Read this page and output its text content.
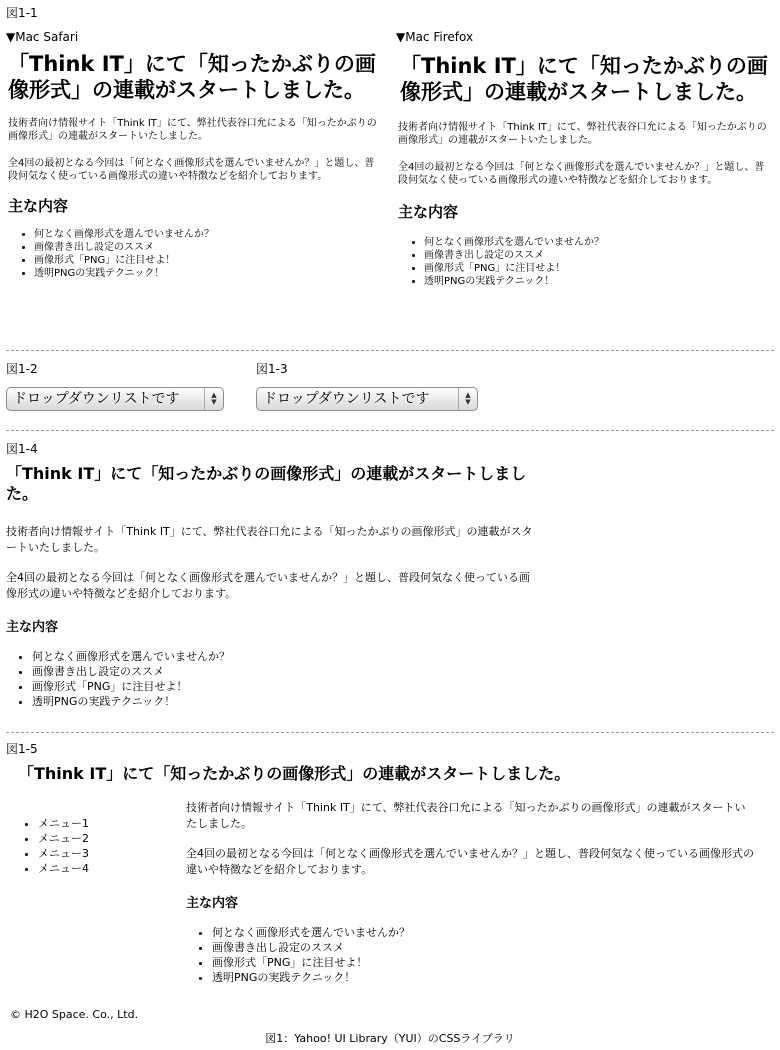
図1-1
▼Mac Safari
「Think IT」にて「知ったかぶりの画像形式」の連載がスタートしました。

技術者向け情報サイト「Think IT」にて、弊社代表谷口允による「知ったかぶりの画像形式」の連載がスタートいたしました。

全4回の最初となる今回は「何となく画像形式を選んでいませんか？」と題し、普段何気なく使っている画像形式の違いや特徴などを紹介しております。

主な内容
• 何となく画像形式を選んでいませんか？
• 画像書き出し設定のススメ
• 画像形式「PNG」に注目せよ！
• 透明PNGの実践テクニック！
▼Mac Firefox
「Think IT」にて「知ったかぶりの画像形式」の連載がスタートしました。

技術者向け情報サイト「Think IT」にて、弊社代表谷口允による「知ったかぶりの画像形式」の連載がスタートいたしました。

全4回の最初となる今回は「何となく画像形式を選んでいませんか？」と題し、普段何気なく使っている画像形式の違いや特徴などを紹介しております。

主な内容
• 何となく画像形式を選んでいませんか？
• 画像書き出し設定のススメ
• 画像形式「PNG」に注目せよ！
• 透明PNGの実践テクニック！
図1-2
ドロップダウンリストです	▲
▼
図1-3
ドロップダウンリストです	▲
▼
図1-4
「Think IT」にて「知ったかぶりの画像形式」の連載がスタートしました。

技術者向け情報サイト「Think IT」にて、弊社代表谷口允による「知ったかぶりの画像形式」の連載がスタートいたしました。

全4回の最初となる今回は「何となく画像形式を選んでいませんか？」と題し、普段何気なく使っている画像形式の違いや特徴などを紹介しております。

主な内容
• 何となく画像形式を選んでいませんか？
• 画像書き出し設定のススメ
• 画像形式「PNG」に注目せよ！
• 透明PNGの実践テクニック！
図1-5
「Think IT」にて「知ったかぶりの画像形式」の連載がスタートしました。
• メニュー1
• メニュー2
• メニュー3
• メニュー4

技術者向け情報サイト「Think IT」にて、弊社代表谷口允による「知ったかぶりの画像形式」の連載がスタートいたしました。

全4回の最初となる今回は「何となく画像形式を選んでいませんか？」と題し、普段何気なく使っている画像形式の違いや特徴などを紹介しております。

主な内容
• 何となく画像形式を選んでいませんか？
• 画像書き出し設定のススメ
• 画像形式「PNG」に注目せよ！
• 透明PNGの実践テクニック！
© H2O Space. Co., Ltd.
図1：Yahoo! UI Library（YUI）のCSSライブラリ
